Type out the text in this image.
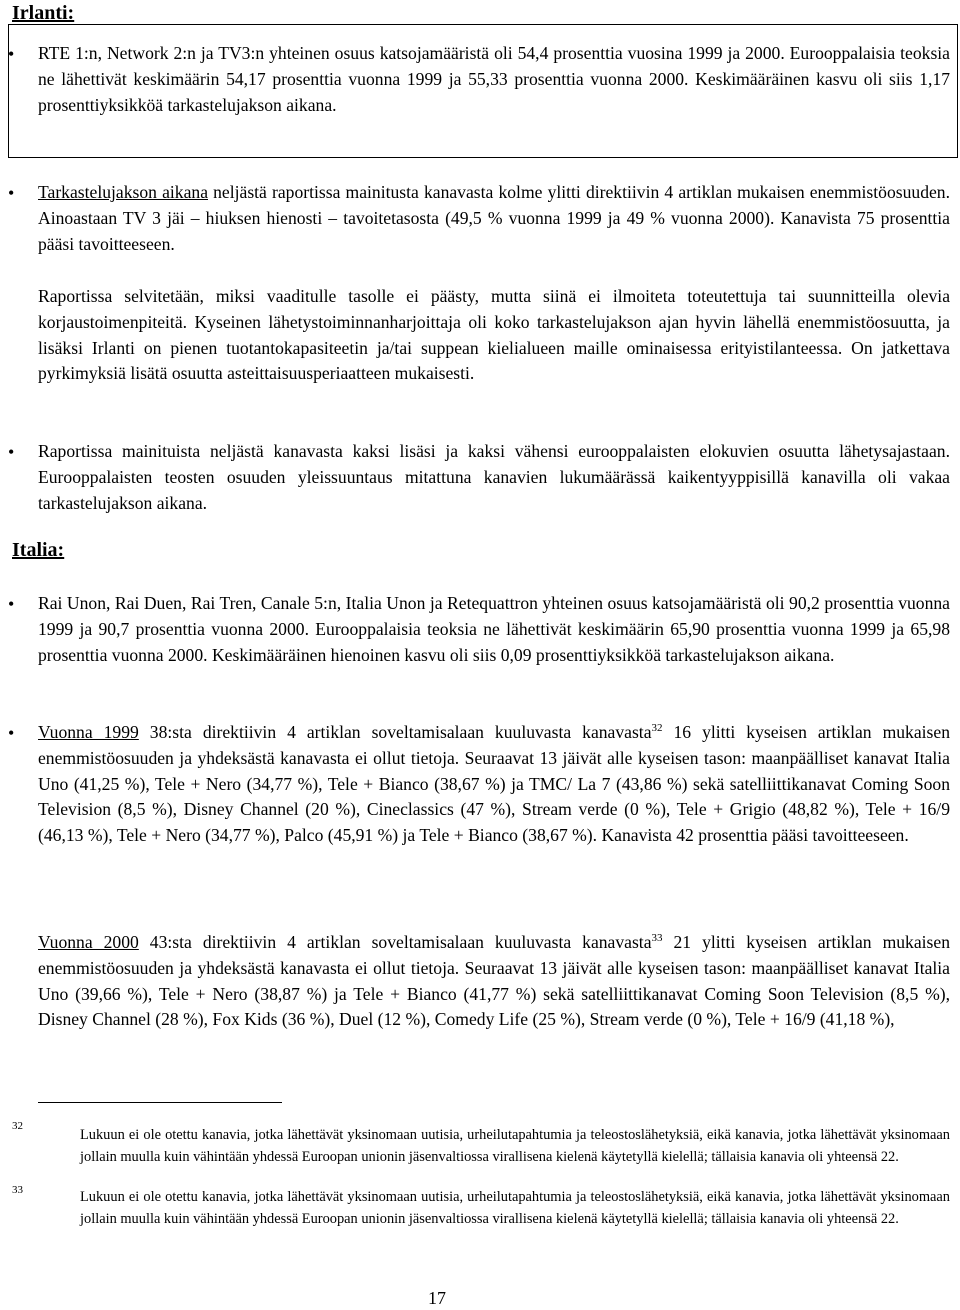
Irlanti:
• RTE 1:n, Network 2:n ja TV3:n yhteinen osuus katsojamääristä oli 54,4 prosenttia vuosina 1999 ja 2000. Eurooppalaisia teoksia ne lähettivät keskimäärin 54,17 prosenttia vuonna 1999 ja 55,33 prosenttia vuonna 2000. Keskimääräinen kasvu oli siis 1,17 prosenttiyksikköä tarkastelujakson aikana.
• Tarkastelujakson aikana neljästä raportissa mainitusta kanavasta kolme ylitti direktiivin 4 artiklan mukaisen enemmistöosuuden. Ainoastaan TV 3 jäi – hiuksen hienosti – tavoitetasosta (49,5 % vuonna 1999 ja 49 % vuonna 2000). Kanavista 75 prosenttia pääsi tavoitteeseen.
Raportissa selvitetään, miksi vaaditulle tasolle ei päästy, mutta siinä ei ilmoiteta toteutettuja tai suunnitteilla olevia korjaustoimenpiteitä. Kyseinen lähetystoiminnanharjoittaja oli koko tarkastelujakson ajan hyvin lähellä enemmistöosuutta, ja lisäksi Irlanti on pienen tuotantokapasiteetin ja/tai suppean kielialueen maille ominaisessa erityistilanteessa. On jatkettava pyrkimyksiä lisätä osuutta asteittaisuusperiaatteen mukaisesti.
• Raportissa mainituista neljästä kanavasta kaksi lisäsi ja kaksi vähensi eurooppalaisten elokuvien osuutta lähetysajastaan. Eurooppalaisten teosten osuuden yleissuuntaus mitattuna kanavien lukumäärässä kaikentyyppisillä kanavilla oli vakaa tarkastelujakson aikana.
Italia:
• Rai Unon, Rai Duen, Rai Tren, Canale 5:n, Italia Unon ja Retequattron yhteinen osuus katsojamääristä oli 90,2 prosenttia vuonna 1999 ja 90,7 prosenttia vuonna 2000. Eurooppalaisia teoksia ne lähettivät keskimäärin 65,90 prosenttia vuonna 1999 ja 65,98 prosenttia vuonna 2000. Keskimääräinen hienoinen kasvu oli siis 0,09 prosenttiyksikköä tarkastelujakson aikana.
• Vuonna 1999 38:sta direktiivin 4 artiklan soveltamisalaan kuuluvasta kanavasta$^{32}$ 16 ylitti kyseisen artiklan mukaisen enemmistöosuuden ja yhdeksästä kanavasta ei ollut tietoja. Seuraavat 13 jäivät alle kyseisen tason: maanpäälliset kanavat Italia Uno (41,25 %), Tele + Nero (34,77 %), Tele + Bianco (38,67 %) ja TMC/ La 7 (43,86 %) sekä satelliittikanavat Coming Soon Television (8,5 %), Disney Channel (20 %), Cineclassics (47 %), Stream verde (0 %), Tele + Grigio (48,82 %), Tele + 16/9 (46,13 %), Tele + Nero (34,77 %), Palco (45,91 %) ja Tele + Bianco (38,67 %). Kanavista 42 prosenttia pääsi tavoitteeseen.
Vuonna 2000 43:sta direktiivin 4 artiklan soveltamisalaan kuuluvasta kanavasta$^{33}$ 21 ylitti kyseisen artiklan mukaisen enemmistöosuuden ja yhdeksästä kanavasta ei ollut tietoja. Seuraavat 13 jäivät alle kyseisen tason: maanpäälliset kanavat Italia Uno (39,66 %), Tele + Nero (38,87 %) ja Tele + Bianco (41,77 %) sekä satelliittikanavat Coming Soon Television (8,5 %), Disney Channel (28 %), Fox Kids (36 %), Duel (12 %), Comedy Life (25 %), Stream verde (0 %), Tele + 16/9 (41,18 %),
32
Lukuun ei ole otettu kanavia, jotka lähettävät yksinomaan uutisia, urheilutapahtumia ja teleostoslähetyksiä, eikä kanavia, jotka lähettävät yksinomaan jollain muulla kuin vähintään yhdessä Euroopan unionin jäsenvaltiossa virallisena kielenä käytetyllä kielellä; tällaisia kanavia oli yhteensä 22.
33	Lukuun ei ole otettu kanavia, jotka lähettävät yksinomaan uutisia, urheilutapahtumia ja teleostoslähetyksiä, eikä kanavia, jotka lähettävät yksinomaan jollain muulla kuin vähintään yhdessä Euroopan unionin jäsenvaltiossa virallisena kielenä käytetyllä kielellä; tällaisia kanavia oli yhteensä 22.
17
